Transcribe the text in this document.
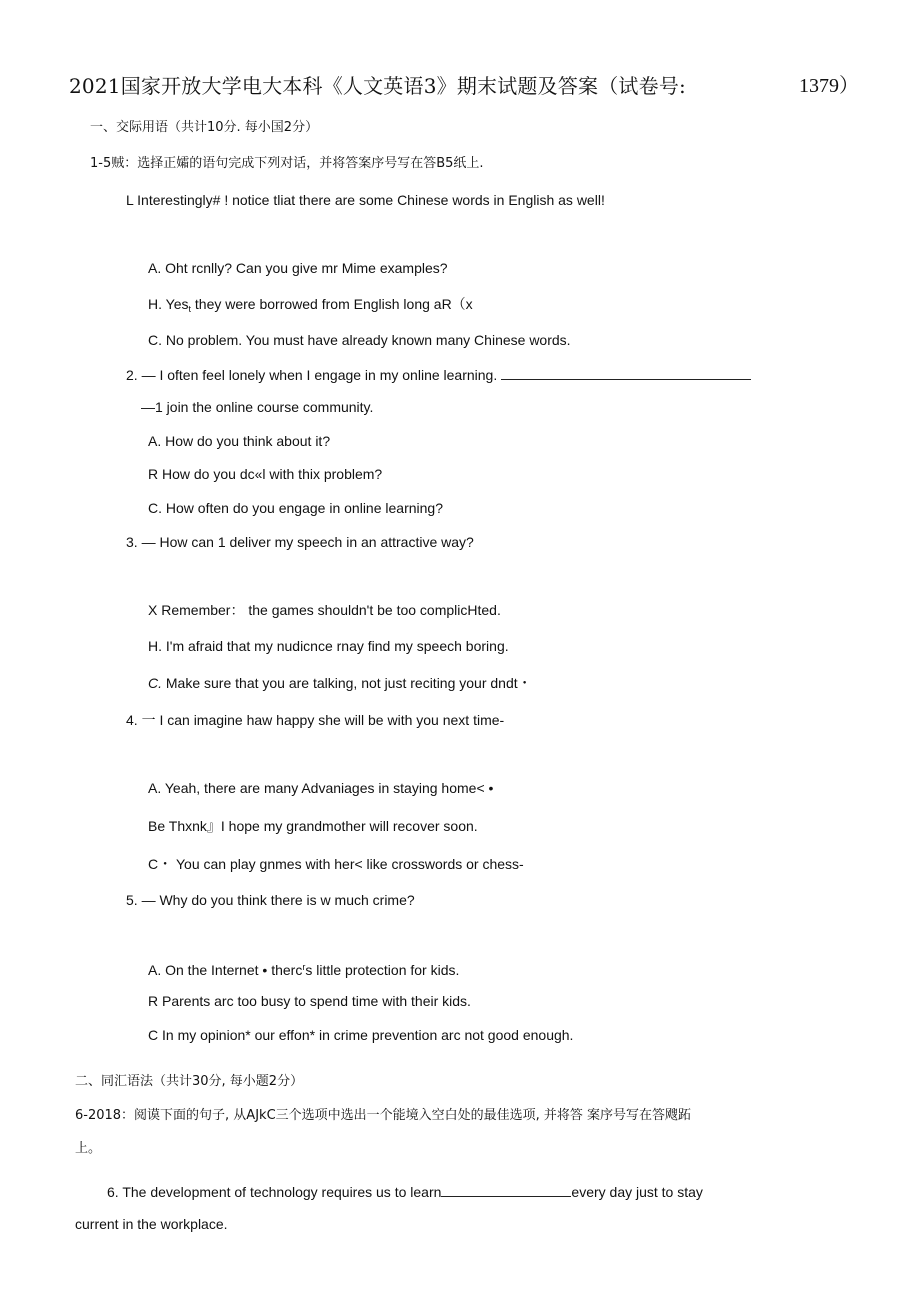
2021国家开放大学电大本科《人文英语3》期末试题及答案（试卷号:	1379）
一、交际用语（共计10分. 每小国2分）
1-5贼：选择正孀的语句完成下列对话，并将答案序号写在答B5纸上.
L Interestingly# ! notice tliat there are some Chinese words in English as well!
A. Oht rcnlly? Can you give mr Mime examples?
H. Yes$_t$ they were borrowed from English long aR（x
C. No problem. You must have already known many Chinese words.
2. — I often feel lonely when I engage in my online learning.
—1 join the online course community.
A. How do you think about it?
R How do you dc«l with thix problem?
C. How often do you engage in online learning?
3. — How can 1 deliver my speech in an attractive way?
X Remember： the games shouldn't be too complicHted.
H. I'm afraid that my nudicnce rnay find my speech boring.
C. Make sure that you are talking, not just reciting your dndt・
4. 一 I can imagine haw happy she will be with you next time-
A. Yeah, there are many Advaniages in staying home< •
Be Thxnk』I hope my grandmother will recover soon.
C・ You can play gnmes with her< like crosswords or chess-
5. — Why do you think there is w much crime?
A. On the Internet • therc$^r$s little protection for kids.
R Parents arc too busy to spend time with their kids.
C In my opinion* our effon* in crime prevention arc not good enough.
二、同汇语法（共计30分, 每小题2分）
6-2018：阅谟下面的句子, 从AJkC三个选项中选出一个能境入空白处的最佳选项, 并将答 案序号写在答飕跖
上。
6. The development of technology requires us to learn	every day just to stay
current in the workplace.
